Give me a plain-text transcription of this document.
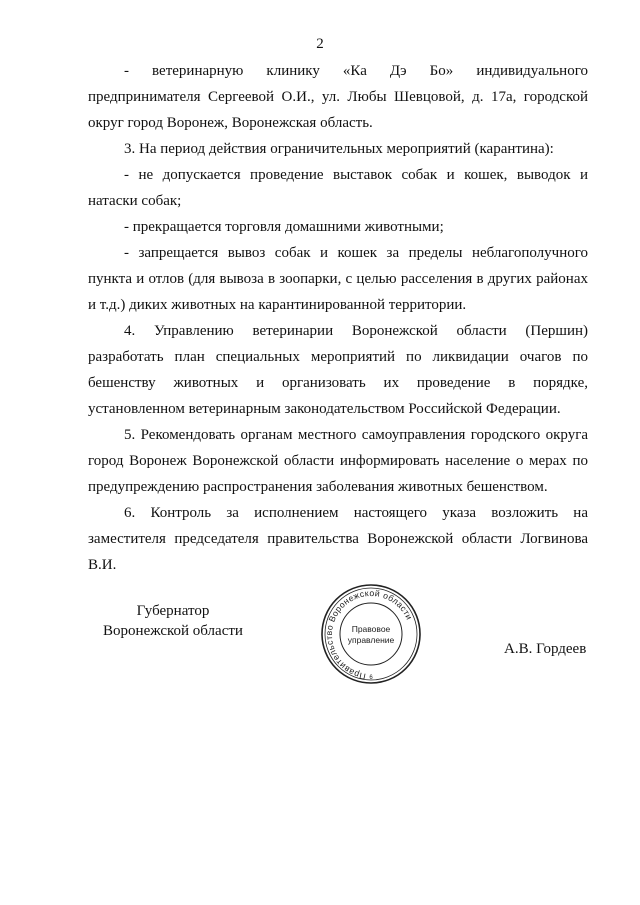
2

- ветеринарную клинику «Ка Дэ Бо» индивидуального предпринимателя Сергеевой О.И., ул. Любы Шевцовой, д. 17а, городской округ город Воронеж, Воронежская область.

3. На период действия ограничительных мероприятий (карантина):

- не допускается проведение выставок собак и кошек, выводок и натаски собак;

- прекращается торговля домашними животными;

- запрещается вывоз собак и кошек за пределы неблагополучного пункта и отлов (для вывоза в зоопарки, с целью расселения в других районах и т.д.) диких животных на карантинированной территории.

4. Управлению ветеринарии Воронежской области (Першин) разработать план специальных мероприятий по ликвидации очагов по бешенству животных и организовать их проведение в порядке, установленном ветеринарным законодательством Российской Федерации.

5. Рекомендовать органам местного самоуправления городского округа город Воронеж Воронежской области информировать население о мерах по предупреждению распространения заболевания животных бешенством.

6. Контроль за исполнением настоящего указа возложить на заместителя председателя правительства Воронежской области Логвинова В.И.

Губернатор
Воронежской области
Правительство Воронежской области
Правовое
управление
6
А.В. Гордеев
